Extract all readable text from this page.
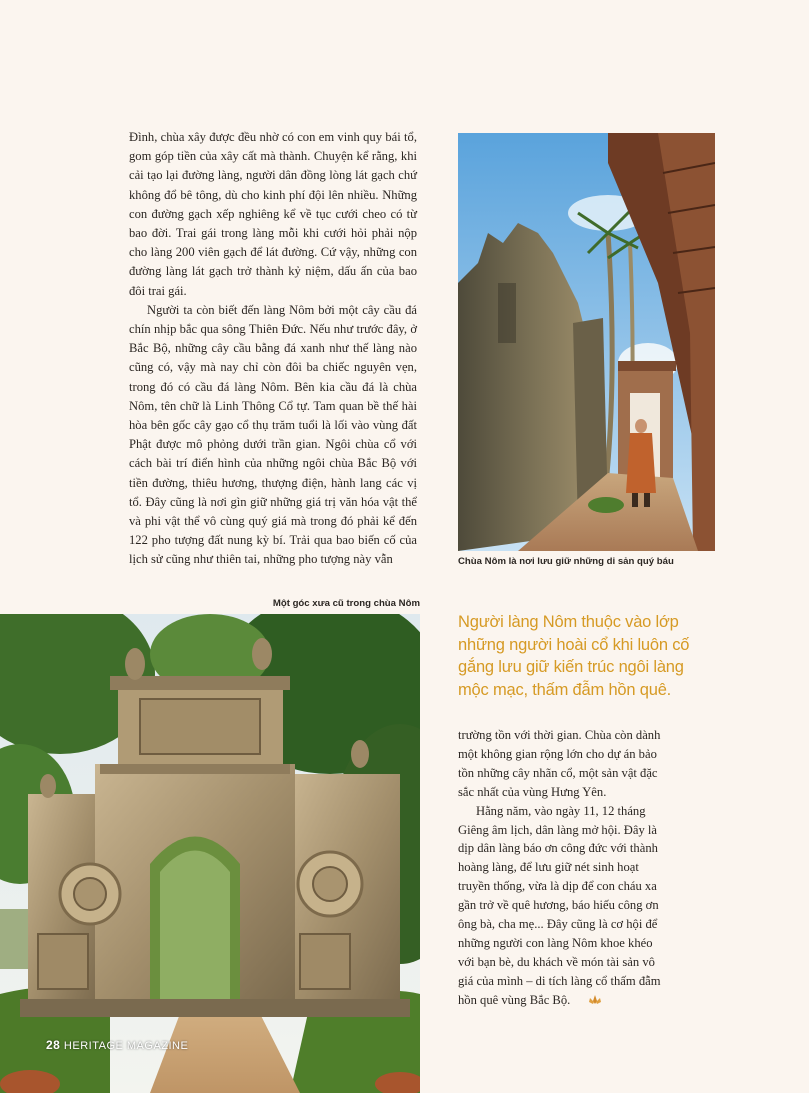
Đình, chùa xây được đều nhờ có con em vinh quy bái tổ, gom góp tiền của xây cất mà thành. Chuyện kể rằng, khi cải tạo lại đường làng, người dân đồng lòng lát gạch chứ không đổ bê tông, dù cho kinh phí đội lên nhiều. Những con đường gạch xếp nghiêng kể về tục cưới cheo có từ bao đời. Trai gái trong làng mỗi khi cưới hỏi phải nộp cho làng 200 viên gạch để lát đường. Cứ vậy, những con đường làng lát gạch trở thành kỷ niệm, dấu ấn của bao đôi trai gái.

Người ta còn biết đến làng Nôm bởi một cây cầu đá chín nhịp bắc qua sông Thiên Đức. Nếu như trước đây, ở Bắc Bộ, những cây cầu bằng đá xanh như thế làng nào cũng có, vậy mà nay chỉ còn đôi ba chiếc nguyên vẹn, trong đó có cầu đá làng Nôm. Bên kia cầu đá là chùa Nôm, tên chữ là Linh Thông Cổ tự. Tam quan bề thế hài hòa bên gốc cây gạo cổ thụ trăm tuổi là lối vào vùng đất Phật được mô phỏng dưới trần gian. Ngôi chùa cổ với cách bài trí điển hình của những ngôi chùa Bắc Bộ với tiền đường, thiêu hương, thượng điện, hành lang các vị tổ. Đây cũng là nơi gìn giữ những giá trị văn hóa vật thể và phi vật thể vô cùng quý giá mà trong đó phải kể đến 122 pho tượng đất nung kỳ bí. Trải qua bao biến cố của lịch sử cũng như thiên tai, những pho tượng này vẫn	Chùa Nôm là nơi lưu giữ những di sản quý báu
Một góc xưa cũ trong chùa Nôm
Người làng Nôm thuộc vào lớp những người hoài cổ khi luôn cố gắng lưu giữ kiến trúc ngôi làng mộc mạc, thấm đẫm hồn quê.

trường tồn với thời gian. Chùa còn dành một không gian rộng lớn cho dự án bảo tồn những cây nhãn cổ, một sản vật đặc sắc nhất của vùng Hưng Yên.

Hằng năm, vào ngày 11, 12 tháng Giêng âm lịch, dân làng mở hội. Đây là dịp dân làng báo ơn công đức với thành hoàng làng, để lưu giữ nét sinh hoạt truyền thống, vừa là dịp để con cháu xa gần trở về quê hương, báo hiếu công ơn ông bà, cha mẹ... Đây cũng là cơ hội để những người con làng Nôm khoe khéo với bạn bè, du khách về món tài sản vô giá của mình – di tích làng cổ thấm đẫm hồn quê vùng Bắc Bộ.

28 HERITAGE MAGAZINE
